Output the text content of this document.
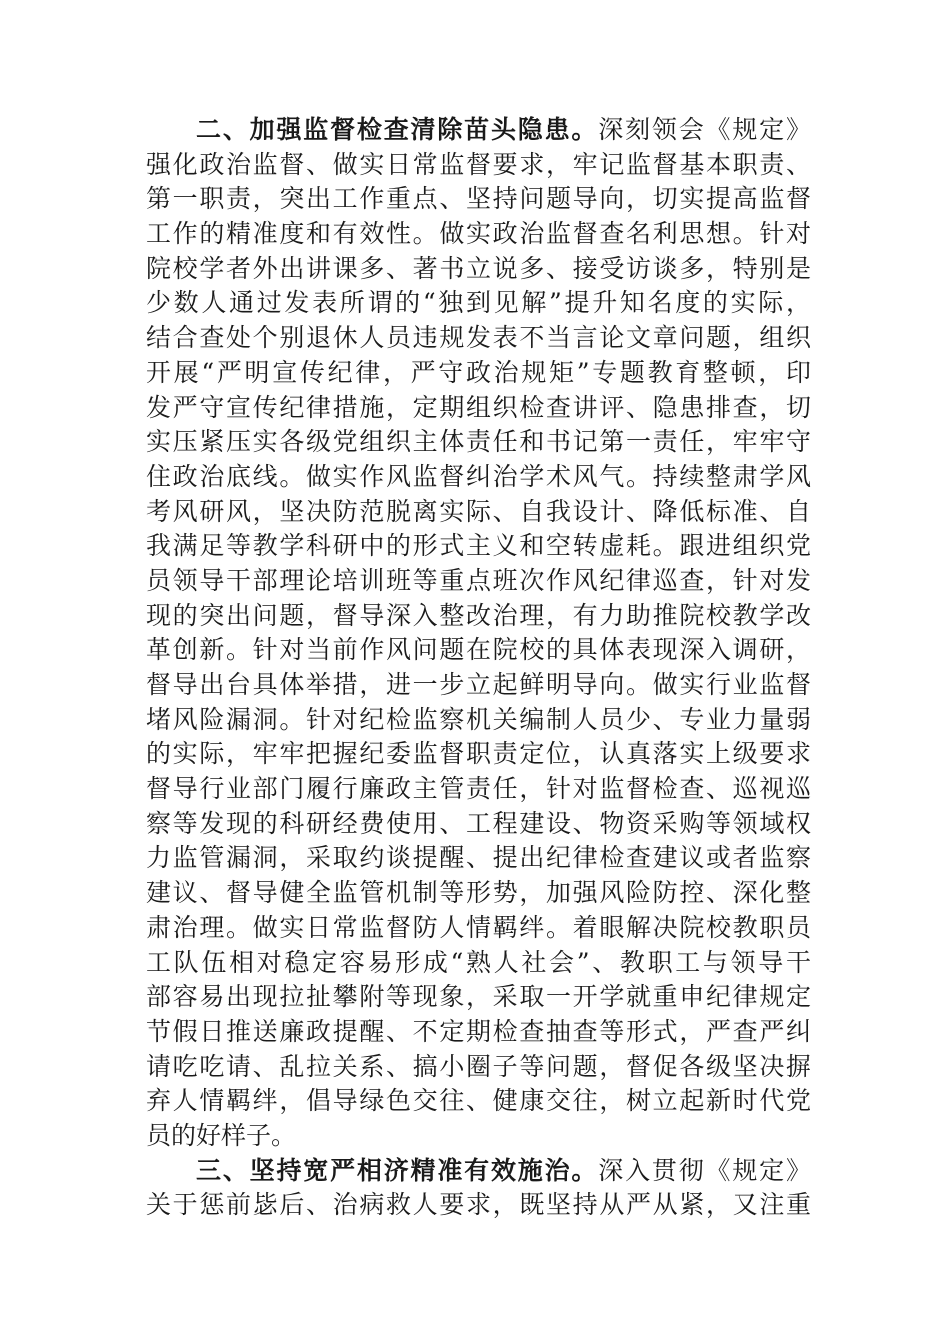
二、加强监督检查清除苗头隐患。深刻领会《规定》
强化政治监督、做实日常监督要求，牢记监督基本职责、
第一职责，突出工作重点、坚持问题导向，切实提高监督
工作的精准度和有效性。做实政治监督查名利思想。针对
院校学者外出讲课多、著书立说多、接受访谈多，特别是
少数人通过发表所谓的“独到见解”提升知名度的实际，
结合查处个别退休人员违规发表不当言论文章问题，组织
开展“严明宣传纪律，严守政治规矩”专题教育整顿，印
发严守宣传纪律措施，定期组织检查讲评、隐患排查，切
实压紧压实各级党组织主体责任和书记第一责任，牢牢守
住政治底线。做实作风监督纠治学术风气。持续整肃学风
考风研风，坚决防范脱离实际、自我设计、降低标准、自
我满足等教学科研中的形式主义和空转虚耗。跟进组织党
员领导干部理论培训班等重点班次作风纪律巡查，针对发
现的突出问题，督导深入整改治理，有力助推院校教学改
革创新。针对当前作风问题在院校的具体表现深入调研，
督导出台具体举措，进一步立起鲜明导向。做实行业监督
堵风险漏洞。针对纪检监察机关编制人员少、专业力量弱
的实际，牢牢把握纪委监督职责定位，认真落实上级要求
督导行业部门履行廉政主管责任，针对监督检查、巡视巡
察等发现的科研经费使用、工程建设、物资采购等领域权
力监管漏洞，采取约谈提醒、提出纪律检查建议或者监察
建议、督导健全监管机制等形势，加强风险防控、深化整
肃治理。做实日常监督防人情羁绊。着眼解决院校教职员
工队伍相对稳定容易形成“熟人社会”、教职工与领导干
部容易出现拉扯攀附等现象，采取一开学就重申纪律规定
节假日推送廉政提醒、不定期检查抽查等形式，严查严纠
请吃吃请、乱拉关系、搞小圈子等问题，督促各级坚决摒
弃人情羁绊，倡导绿色交往、健康交往，树立起新时代党
员的好样子。
三、坚持宽严相济精准有效施治。深入贯彻《规定》
关于惩前毖后、治病救人要求，既坚持从严从紧，又注重
